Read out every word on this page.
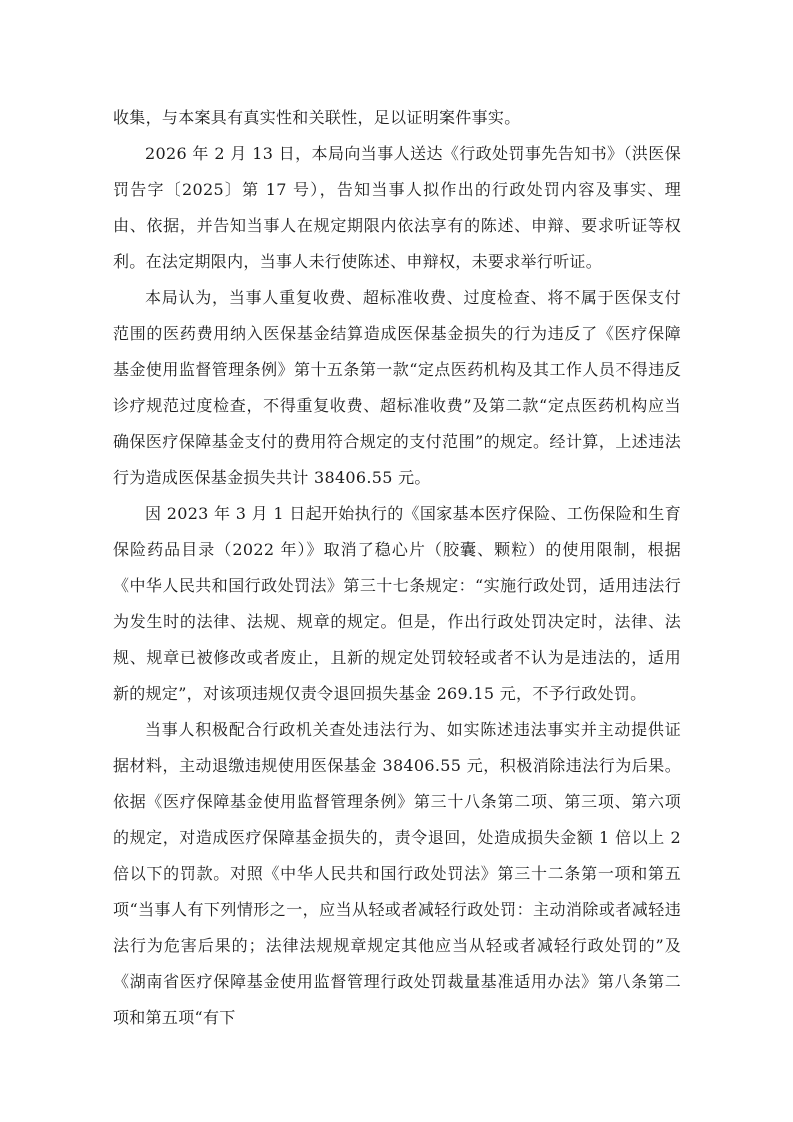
收集，与本案具有真实性和关联性，足以证明案件事实。

2026 年 2 月 13 日，本局向当事人送达《行政处罚事先告知书》（洪医保罚告字〔2025〕第 17 号），告知当事人拟作出的行政处罚内容及事实、理由、依据，并告知当事人在规定期限内依法享有的陈述、申辩、要求听证等权利。在法定期限内，当事人未行使陈述、申辩权，未要求举行听证。

本局认为，当事人重复收费、超标准收费、过度检查、将不属于医保支付范围的医药费用纳入医保基金结算造成医保基金损失的行为违反了《医疗保障基金使用监督管理条例》第十五条第一款“定点医药机构及其工作人员不得违反诊疗规范过度检查，不得重复收费、超标准收费”及第二款“定点医药机构应当确保医疗保障基金支付的费用符合规定的支付范围”的规定。经计算，上述违法行为造成医保基金损失共计 38406.55 元。

因 2023 年 3 月 1 日起开始执行的《国家基本医疗保险、工伤保险和生育保险药品目录（2022 年）》取消了稳心片（胶囊、颗粒）的使用限制，根据《中华人民共和国行政处罚法》第三十七条规定：“实施行政处罚，适用违法行为发生时的法律、法规、规章的规定。但是，作出行政处罚决定时，法律、法规、规章已被修改或者废止，且新的规定处罚较轻或者不认为是违法的，适用新的规定”，对该项违规仅责令退回损失基金 269.15 元，不予行政处罚。

当事人积极配合行政机关查处违法行为、如实陈述违法事实并主动提供证据材料，主动退缴违规使用医保基金 38406.55 元，积极消除违法行为后果。依据《医疗保障基金使用监督管理条例》第三十八条第二项、第三项、第六项的规定，对造成医疗保障基金损失的，责令退回，处造成损失金额 1 倍以上 2 倍以下的罚款。对照《中华人民共和国行政处罚法》第三十二条第一项和第五项“当事人有下列情形之一，应当从轻或者减轻行政处罚：主动消除或者减轻违法行为危害后果的；法律法规规章规定其他应当从轻或者减轻行政处罚的”及《湖南省医疗保障基金使用监督管理行政处罚裁量基准适用办法》第八条第二项和第五项“有下
